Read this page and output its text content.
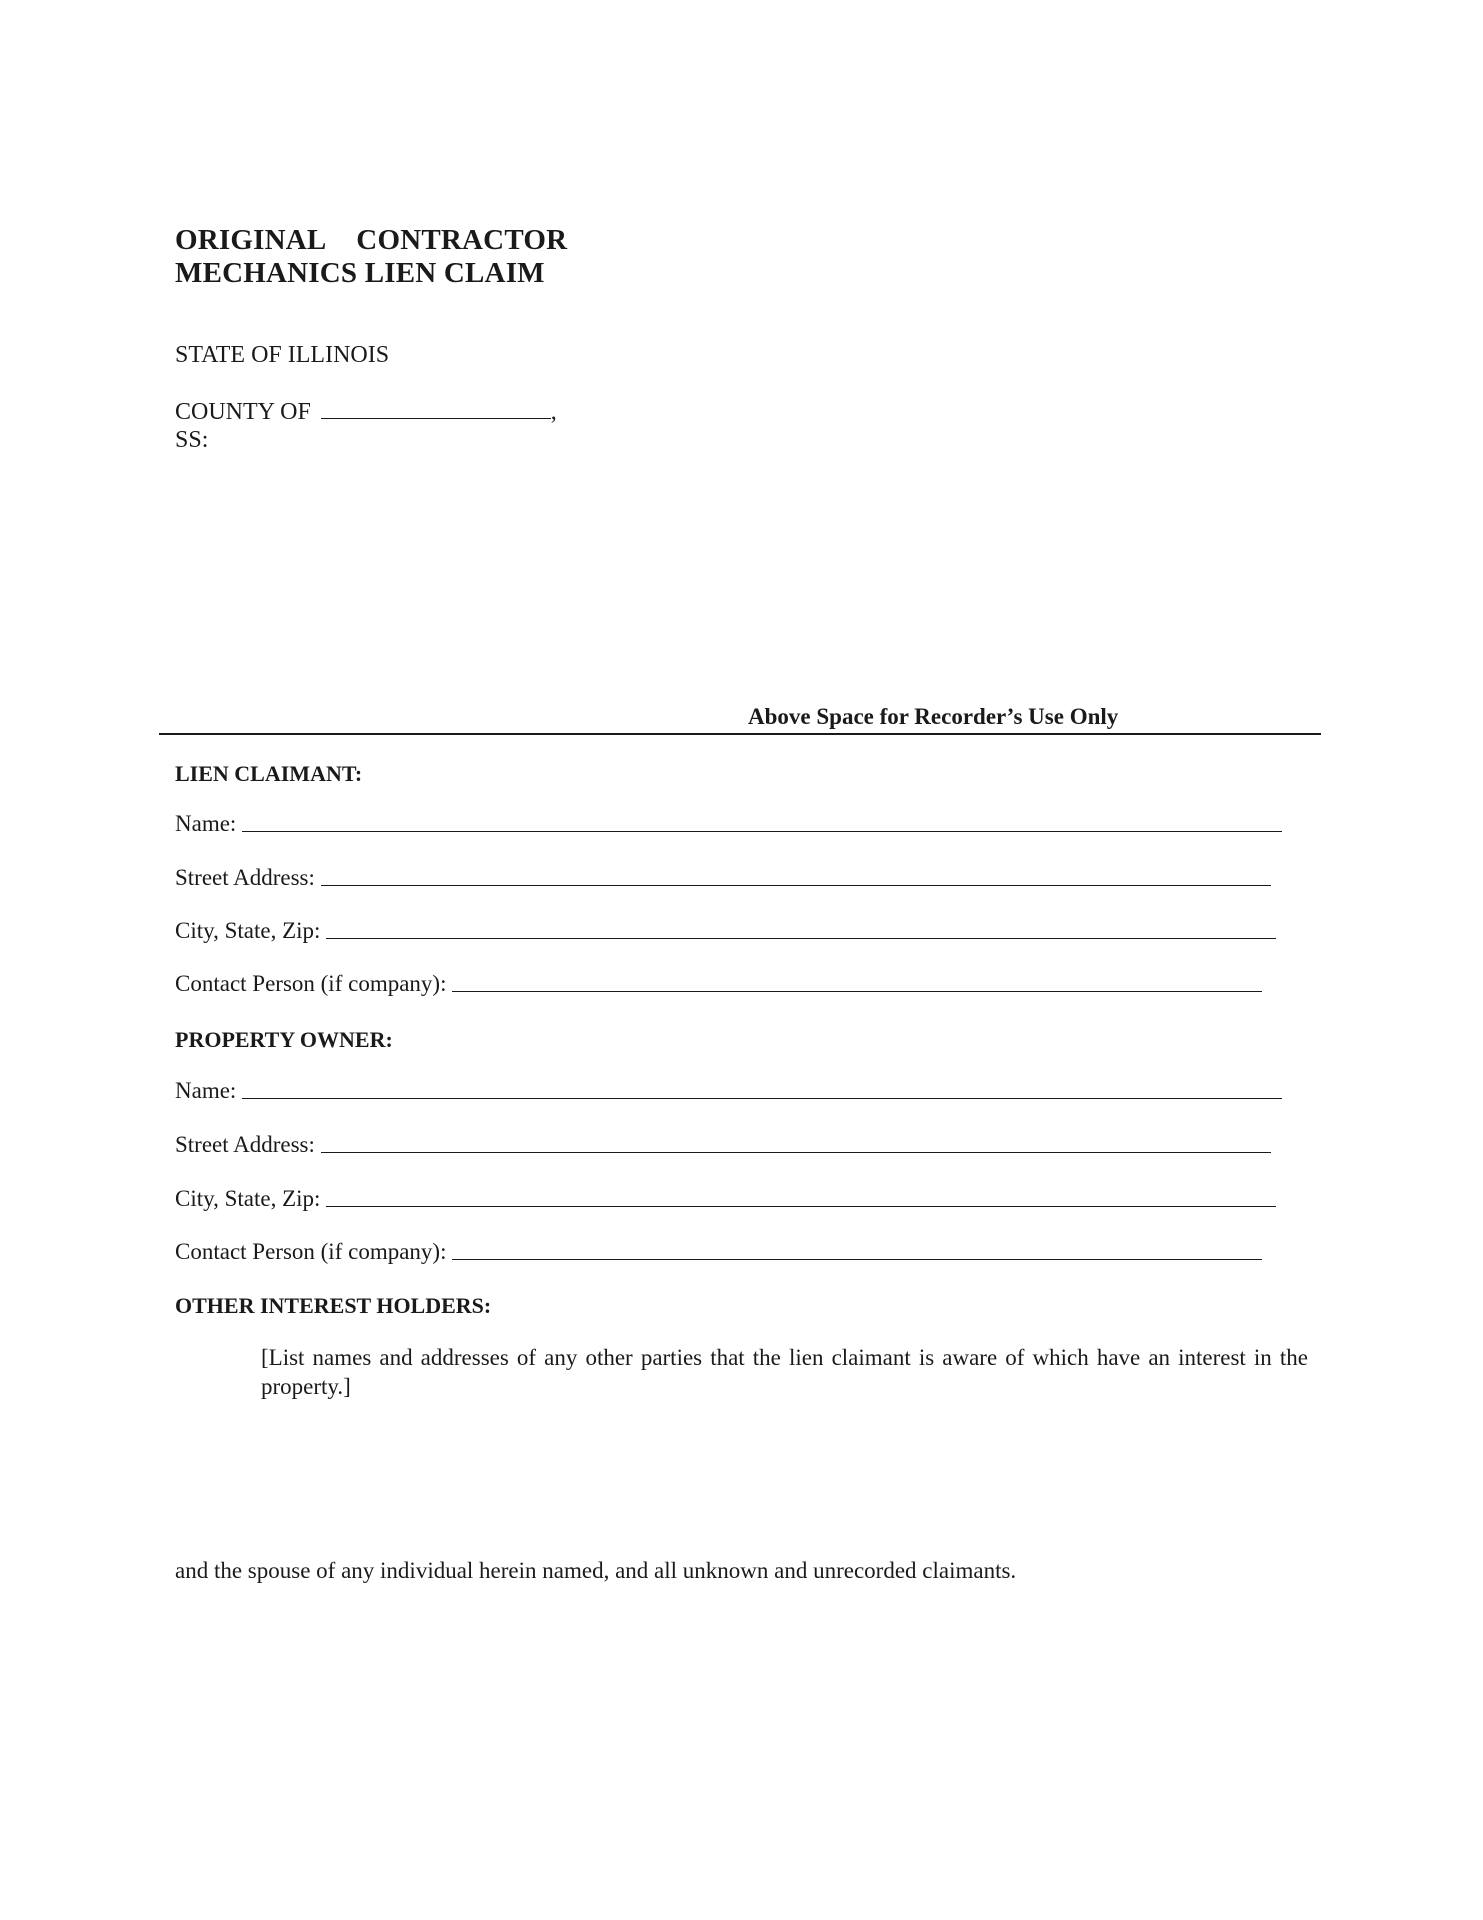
ORIGINAL CONTRACTOR
MECHANICS LIEN CLAIM
STATE OF ILLINOIS
COUNTY OF	,
SS:
Above Space for Recorder’s Use Only
LIEN CLAIMANT:
Name:
Street Address:
City, State, Zip:
Contact Person (if company):
PROPERTY OWNER:
Name:
Street Address:
City, State, Zip:
Contact Person (if company):
OTHER INTEREST HOLDERS:
[List names and addresses of any other parties that the lien claimant is aware of which have an interest in the property.]
and the spouse of any individual herein named, and all unknown and unrecorded claimants.
